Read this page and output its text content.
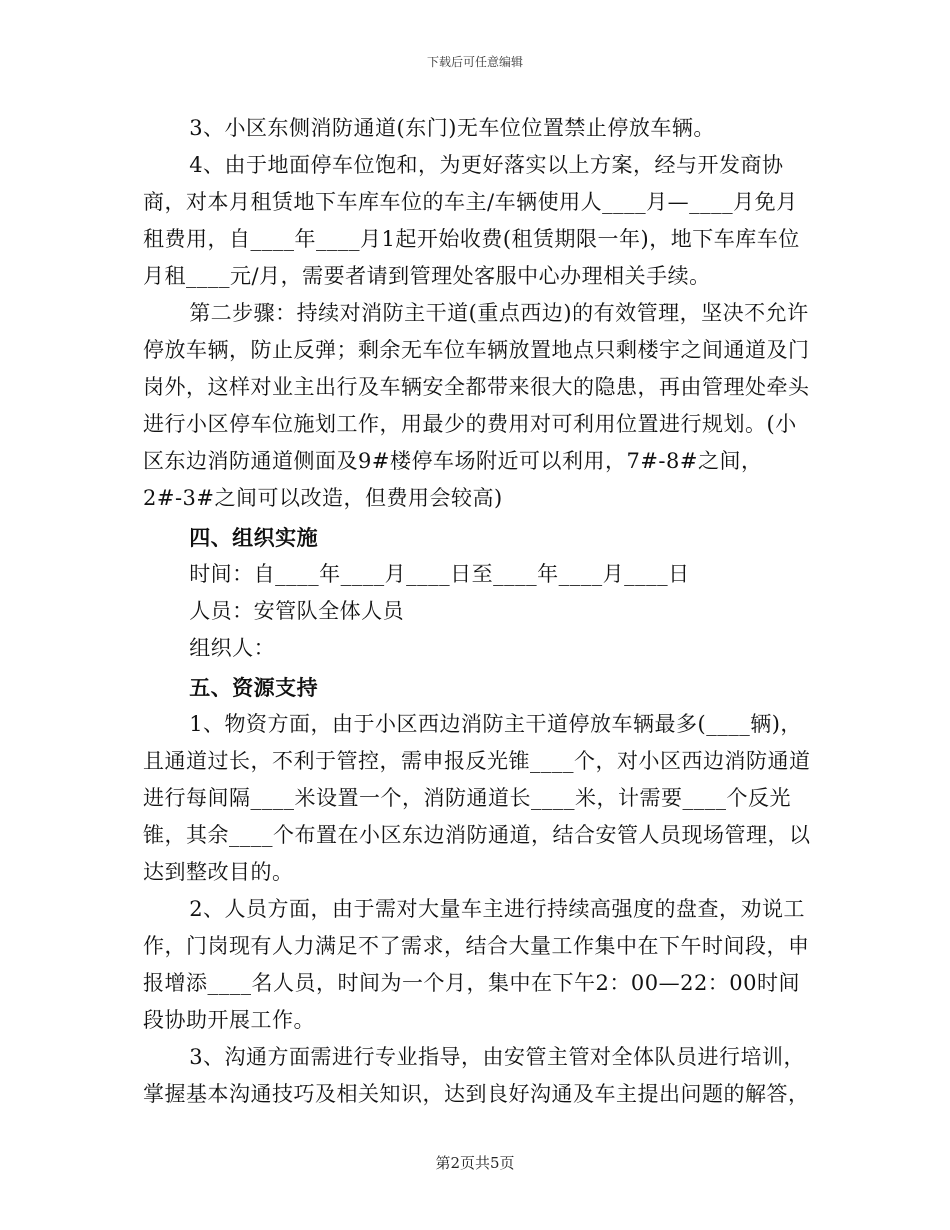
下载后可任意编辑

3、小区东侧消防通道(东门)无车位位置禁止停放车辆。

4、由于地面停车位饱和，为更好落实以上方案，经与开发商协商，对本月租赁地下车库车位的车主/车辆使用人____月—____月免月租费用，自____年____月1起开始收费(租赁期限一年)，地下车库车位月租____元/月，需要者请到管理处客服中心办理相关手续。

第二步骤：持续对消防主干道(重点西边)的有效管理，坚决不允许停放车辆，防止反弹；剩余无车位车辆放置地点只剩楼宇之间通道及门岗外，这样对业主出行及车辆安全都带来很大的隐患，再由管理处牵头进行小区停车位施划工作，用最少的费用对可利用位置进行规划。(小区东边消防通道侧面及9#楼停车场附近可以利用，7#-8#之间，2#-3#之间可以改造，但费用会较高)

四、组织实施

时间：自____年____月____日至____年____月____日

人员：安管队全体人员

组织人：

五、资源支持

1、物资方面，由于小区西边消防主干道停放车辆最多(____辆)，且通道过长，不利于管控，需申报反光锥____个，对小区西边消防通道进行每间隔____米设置一个，消防通道长____米，计需要____个反光锥，其余____个布置在小区东边消防通道，结合安管人员现场管理，以达到整改目的。

2、人员方面，由于需对大量车主进行持续高强度的盘查，劝说工作，门岗现有人力满足不了需求，结合大量工作集中在下午时间段，申报增添____名人员，时间为一个月，集中在下午2：00—22：00时间段协助开展工作。

3、沟通方面需进行专业指导，由安管主管对全体队员进行培训，掌握基本沟通技巧及相关知识，达到良好沟通及车主提出问题的解答，

第2页共5页
